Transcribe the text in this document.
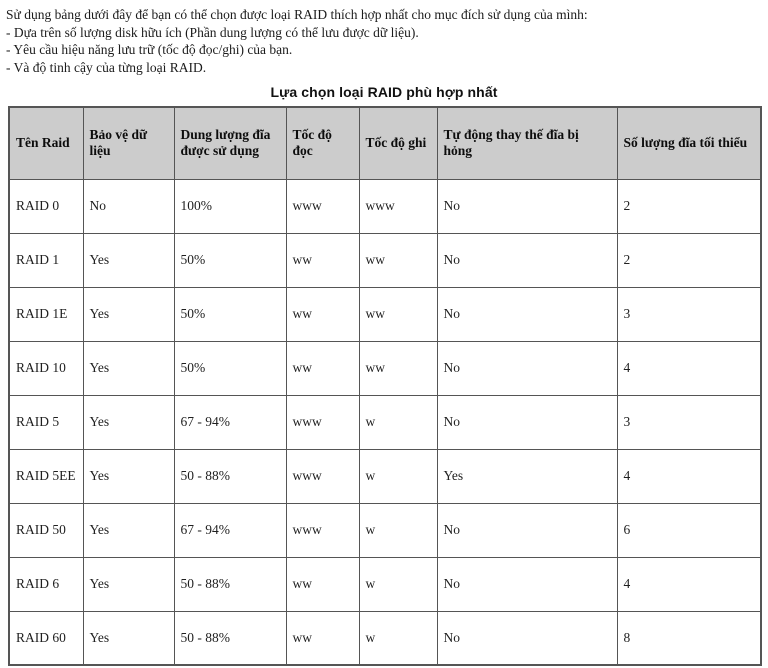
Sử dụng bảng dưới đây để bạn có thể chọn được loại RAID thích hợp nhất cho mục đích sử dụng của mình:
- Dựa trên số lượng disk hữu ích (Phần dung lượng có thể lưu được dữ liệu).
- Yêu cầu hiệu năng lưu trữ (tốc độ đọc/ghi) của bạn.
- Và độ tinh cậy của từng loại RAID.
Lựa chọn loại RAID phù hợp nhất
Tên Raid	Bảo vệ dữ liệu	Dung lượng đĩa được sử dụng	Tốc độ đọc	Tốc độ ghi	Tự động thay thế đĩa bị hỏng	Số lượng đĩa tối thiểu
RAID 0	No	100%	www	www	No	2
RAID 1	Yes	50%	ww	ww	No	2
RAID 1E	Yes	50%	ww	ww	No	3
RAID 10	Yes	50%	ww	ww	No	4
RAID 5	Yes	67 - 94%	www	w	No	3
RAID 5EE	Yes	50 - 88%	www	w	Yes	4
RAID 50	Yes	67 - 94%	www	w	No	6
RAID 6	Yes	50 - 88%	ww	w	No	4
RAID 60	Yes	50 - 88%	ww	w	No	8
